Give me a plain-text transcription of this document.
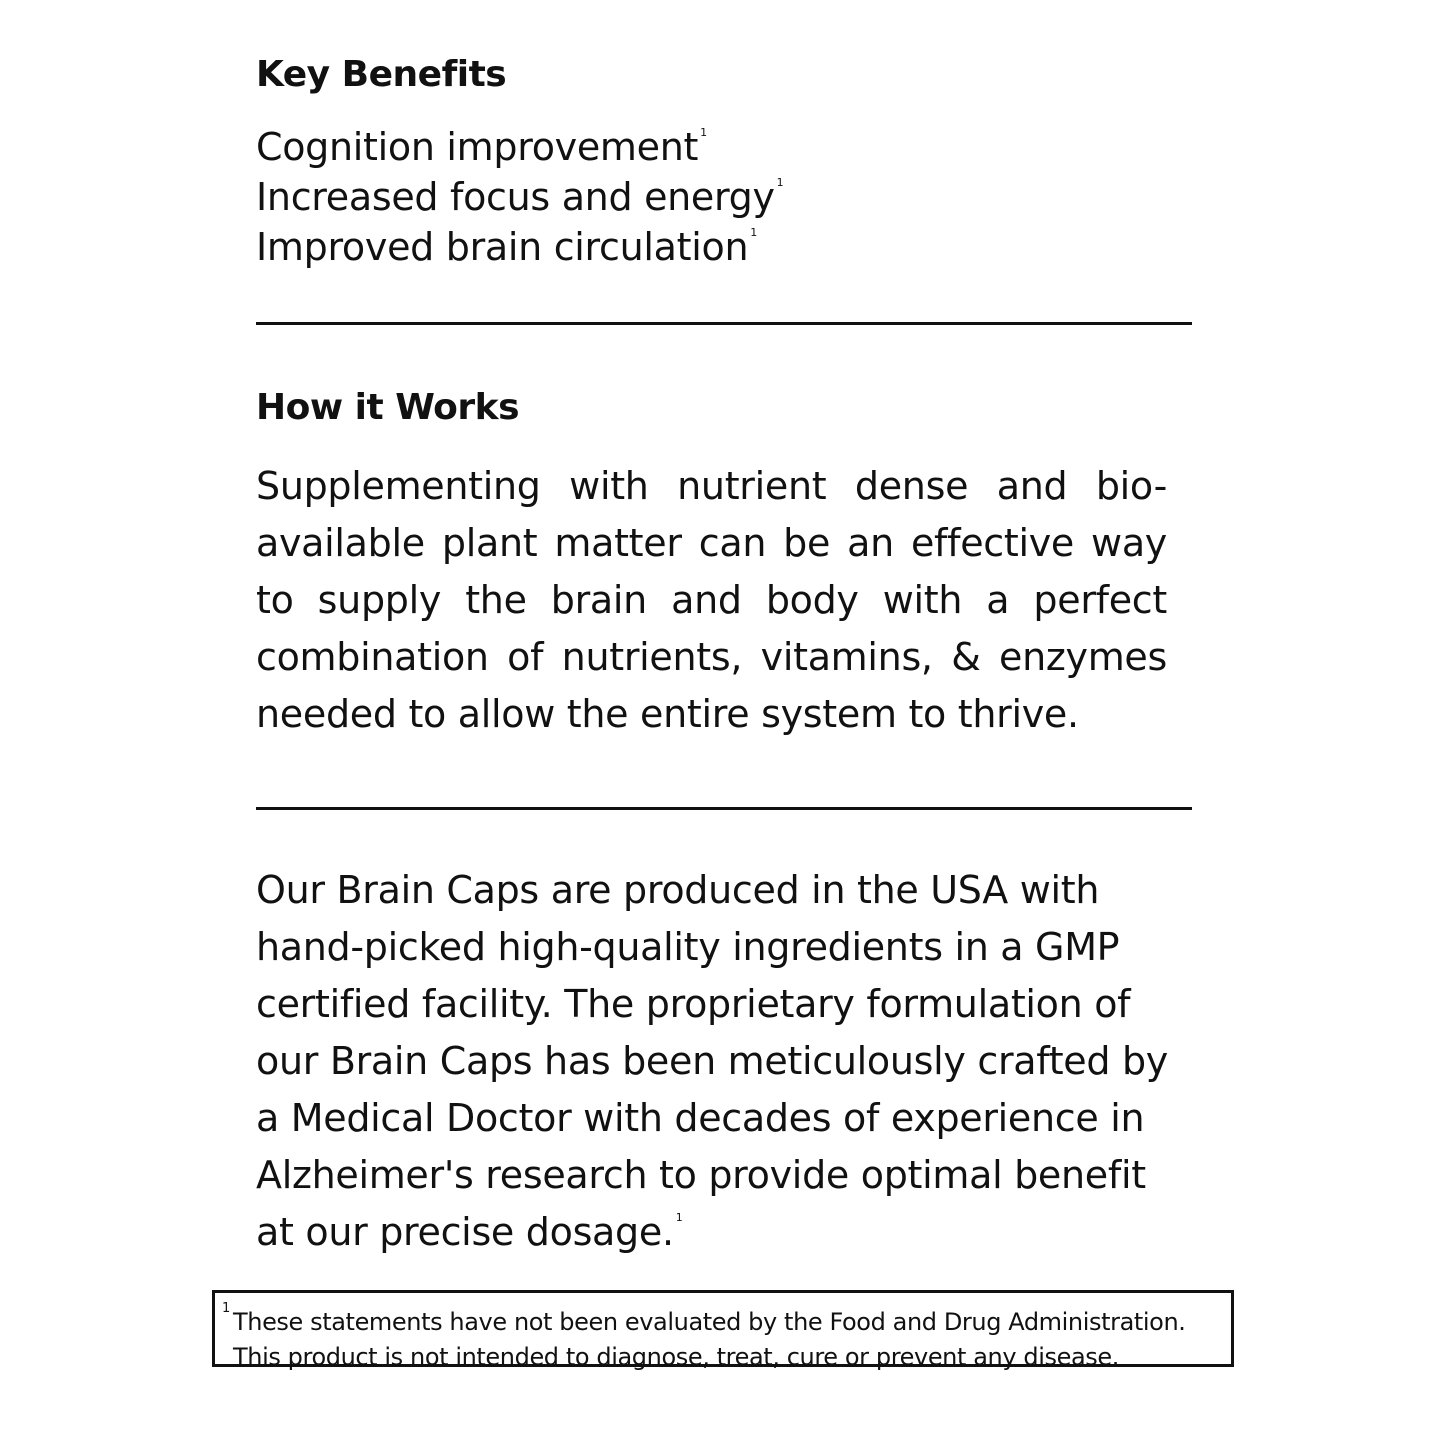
Key Benefits
Cognition improvement $^1$
Increased focus and energy $^1$
Improved brain circulation $^1$
How it Works

Supplementing with nutrient dense and bio-available plant matter can be an effective way to supply the brain and body with a perfect combination of nutrients, vitamins, & enzymes needed to allow the entire system to thrive.

Our Brain Caps are produced in the USA with hand-picked high-quality ingredients in a GMP certified facility. The proprietary formulation of our Brain Caps has been meticulously crafted by a Medical Doctor with decades of experience in Alzheimer's research to provide optimal benefit at our precise dosage. $^1$

1 These statements have not been evaluated by the Food and Drug Administration.

This product is not intended to diagnose, treat, cure or prevent any disease.
